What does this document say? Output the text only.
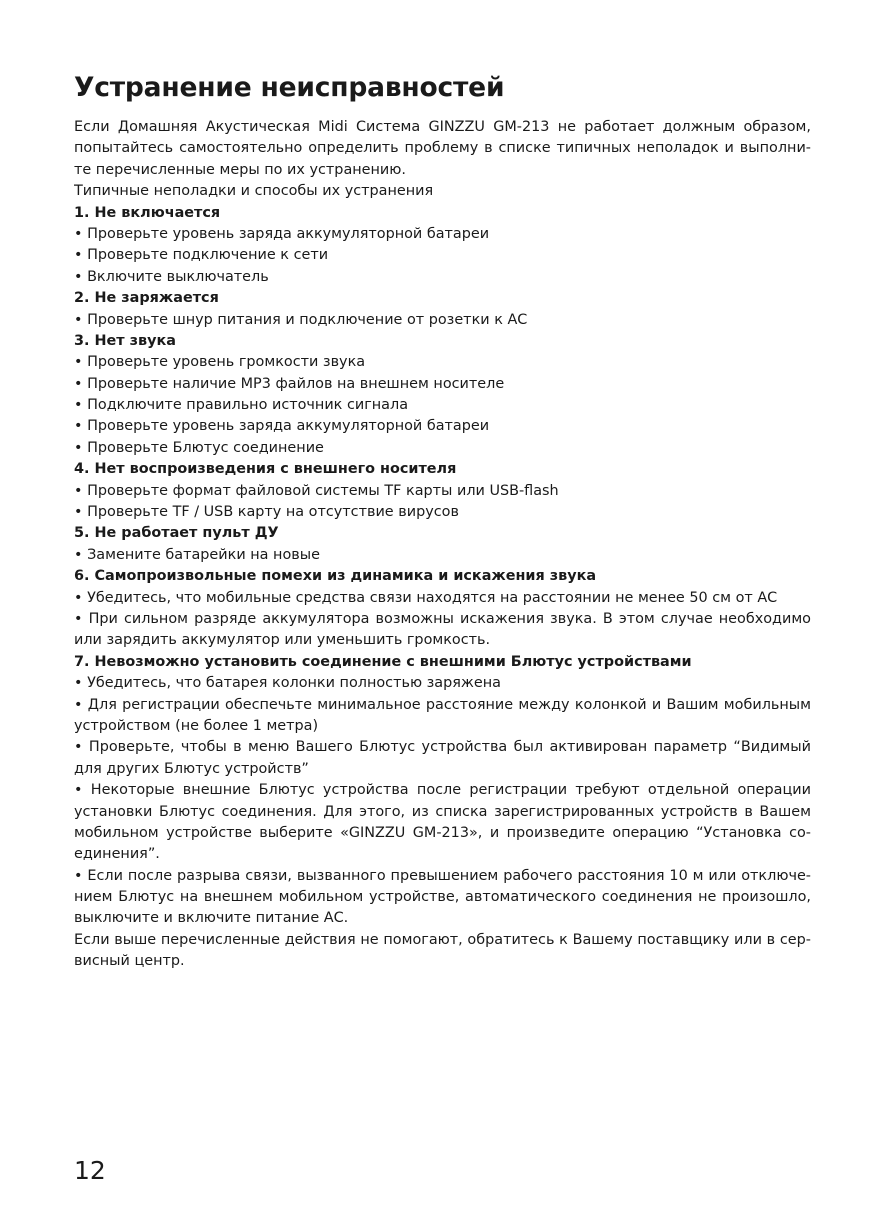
Устранение неисправностей
Если Домашняя Акустическая Midi Система GINZZU GM-213 не работает должным образом,
попытайтесь самостоятельно определить проблему в списке типичных неполадок и выполни-
те перечисленные меры по их устранению.
Типичные неполадки и способы их устранения
1. Не включается
• Проверьте уровень заряда аккумуляторной батареи
• Проверьте подключение к сети
• Включите выключатель
2. Не заряжается
• Проверьте шнур питания и подключение от розетки к АС
3. Нет звука
• Проверьте уровень громкости звука
• Проверьте наличие MP3 файлов на внешнем носителе
• Подключите правильно источник сигнала
• Проверьте уровень заряда аккумуляторной батареи
• Проверьте Блютус соединение
4. Нет воспроизведения с внешнего носителя
• Проверьте формат файловой системы TF карты или USB-flash
• Проверьте TF / USB карту на отсутствие вирусов
5. Не работает пульт ДУ
• Замените батарейки на новые
6. Самопроизвольные помехи из динамика и искажения звука
• Убедитесь, что мобильные средства связи находятся на расстоянии не менее 50 см от АС
• При сильном разряде аккумулятора возможны искажения звука. В этом случае необходимо
или зарядить аккумулятор или уменьшить громкость.
7. Невозможно установить соединение с внешними Блютус устройствами
• Убедитесь, что батарея колонки полностью заряжена
• Для регистрации обеспечьте минимальное расстояние между колонкой и Вашим мобильным
устройством (не более 1 метра)
• Проверьте, чтобы в меню Вашего Блютус устройства был активирован параметр “Видимый
для других Блютус устройств”
• Некоторые внешние Блютус устройства после регистрации требуют отдельной операции
установки Блютус соединения. Для этого, из списка зарегистрированных устройств в Вашем
мобильном устройстве выберите «GINZZU GM-213», и произведите операцию “Установка со-
единения”.
• Если после разрыва связи, вызванного превышением рабочего расстояния 10 м или отключе-
нием Блютус на внешнем мобильном устройстве, автоматического соединения не произошло,
выключите и включите питание АС.
Если выше перечисленные действия не помогают, обратитесь к Вашему поставщику или в сер-
висный центр.
12
